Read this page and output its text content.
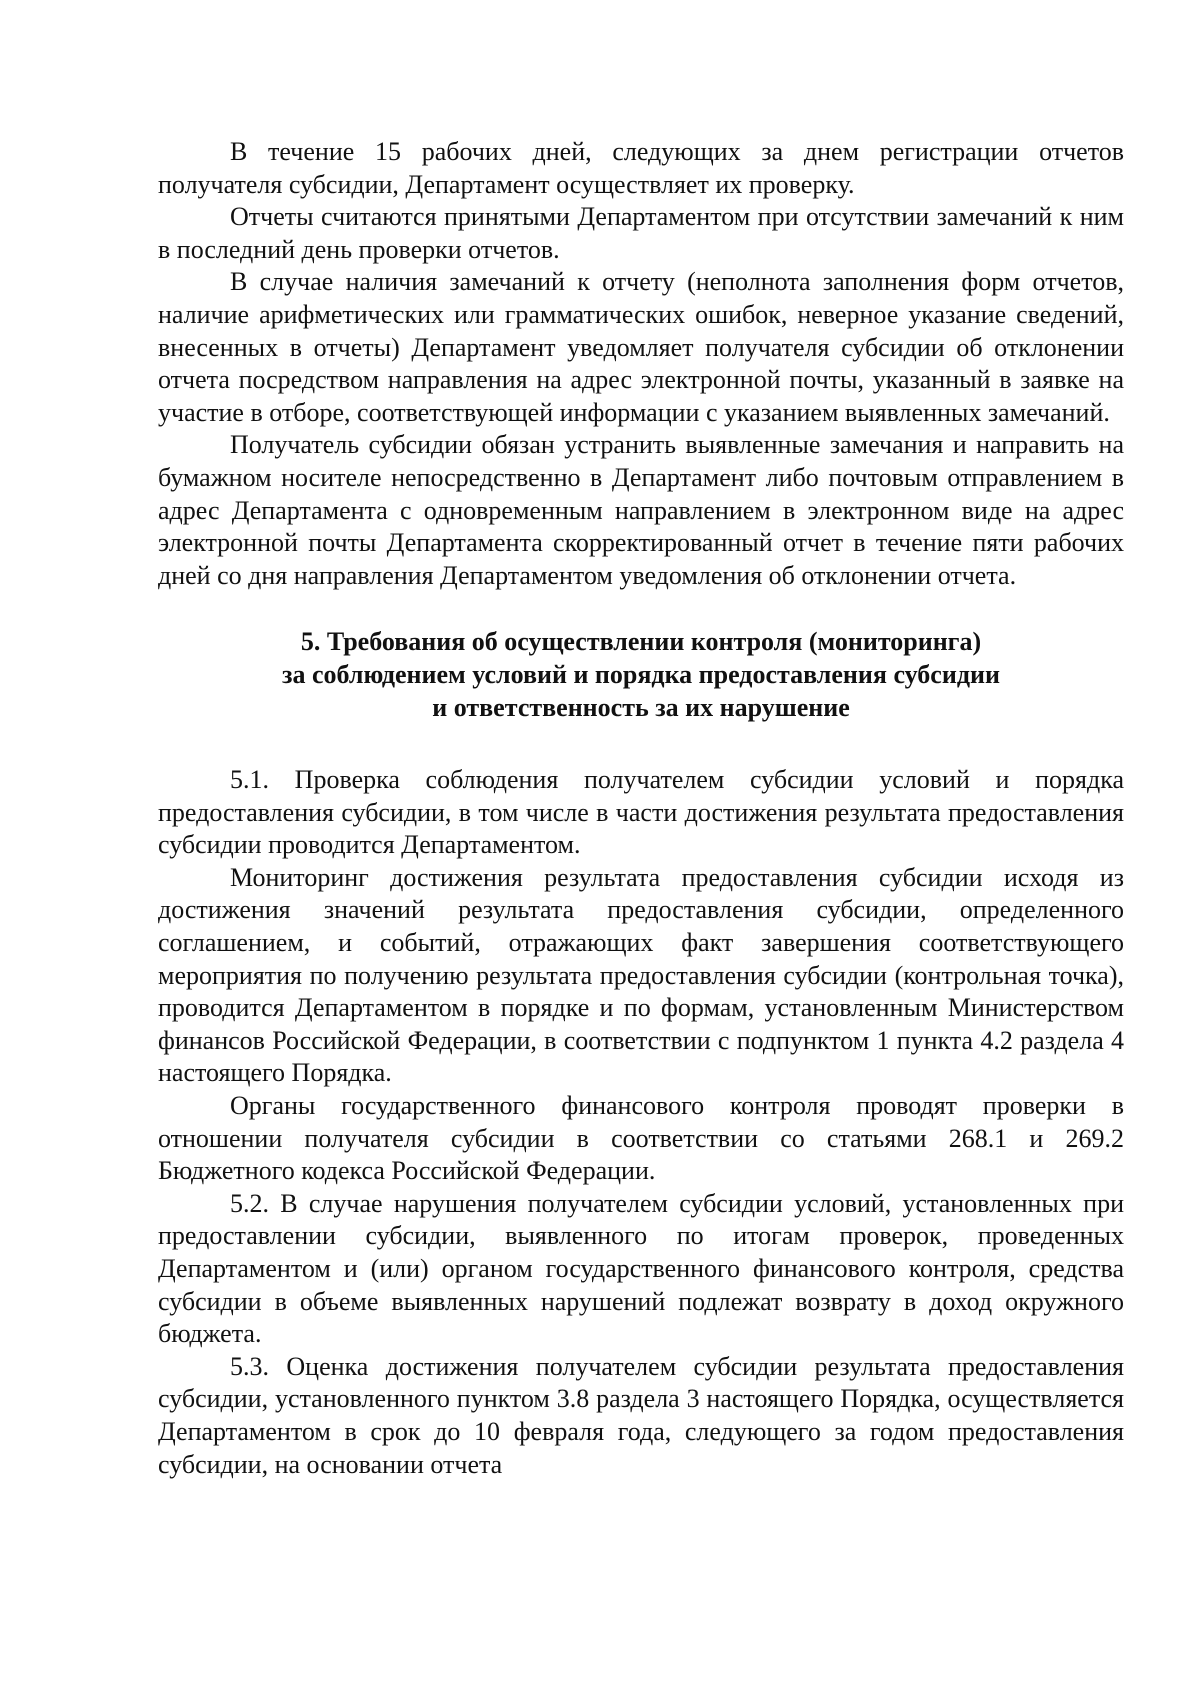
В течение 15 рабочих дней, следующих за днем регистрации отчетов получателя субсидии, Департамент осуществляет их проверку.

Отчеты считаются принятыми Департаментом при отсутствии замечаний к ним в последний день проверки отчетов.

В случае наличия замечаний к отчету (неполнота заполнения форм отчетов, наличие арифметических или грамматических ошибок, неверное указание сведений, внесенных в отчеты) Департамент уведомляет получателя субсидии об отклонении отчета посредством направления на адрес электронной почты, указанный в заявке на участие в отборе, соответствующей информации с указанием выявленных замечаний.

Получатель субсидии обязан устранить выявленные замечания и направить на бумажном носителе непосредственно в Департамент либо почтовым отправлением в адрес Департамента с одновременным направлением в электронном виде на адрес электронной почты Департамента скорректированный отчет в течение пяти рабочих дней со дня направления Департаментом уведомления об отклонении отчета.

5. Требования об осуществлении контроля (мониторинга)
за соблюдением условий и порядка предоставления субсидии
и ответственность за их нарушение

5.1. Проверка соблюдения получателем субсидии условий и порядка предоставления субсидии, в том числе в части достижения результата предоставления субсидии проводится Департаментом.

Мониторинг достижения результата предоставления субсидии исходя из достижения значений результата предоставления субсидии, определенного соглашением, и событий, отражающих факт завершения соответствующего мероприятия по получению результата предоставления субсидии (контрольная точка), проводится Департаментом в порядке и по формам, установленным Министерством финансов Российской Федерации, в соответствии с подпунктом 1 пункта 4.2 раздела 4 настоящего Порядка.

Органы государственного финансового контроля проводят проверки в отношении получателя субсидии в соответствии со статьями 268.1 и 269.2 Бюджетного кодекса Российской Федерации.

5.2. В случае нарушения получателем субсидии условий, установленных при предоставлении субсидии, выявленного по итогам проверок, проведенных Департаментом и (или) органом государственного финансового контроля, средства субсидии в объеме выявленных нарушений подлежат возврату в доход окружного бюджета.

5.3. Оценка достижения получателем субсидии результата предоставления субсидии, установленного пунктом 3.8 раздела 3 настоящего Порядка, осуществляется Департаментом в срок до 10 февраля года, следующего за годом предоставления субсидии, на основании отчета
